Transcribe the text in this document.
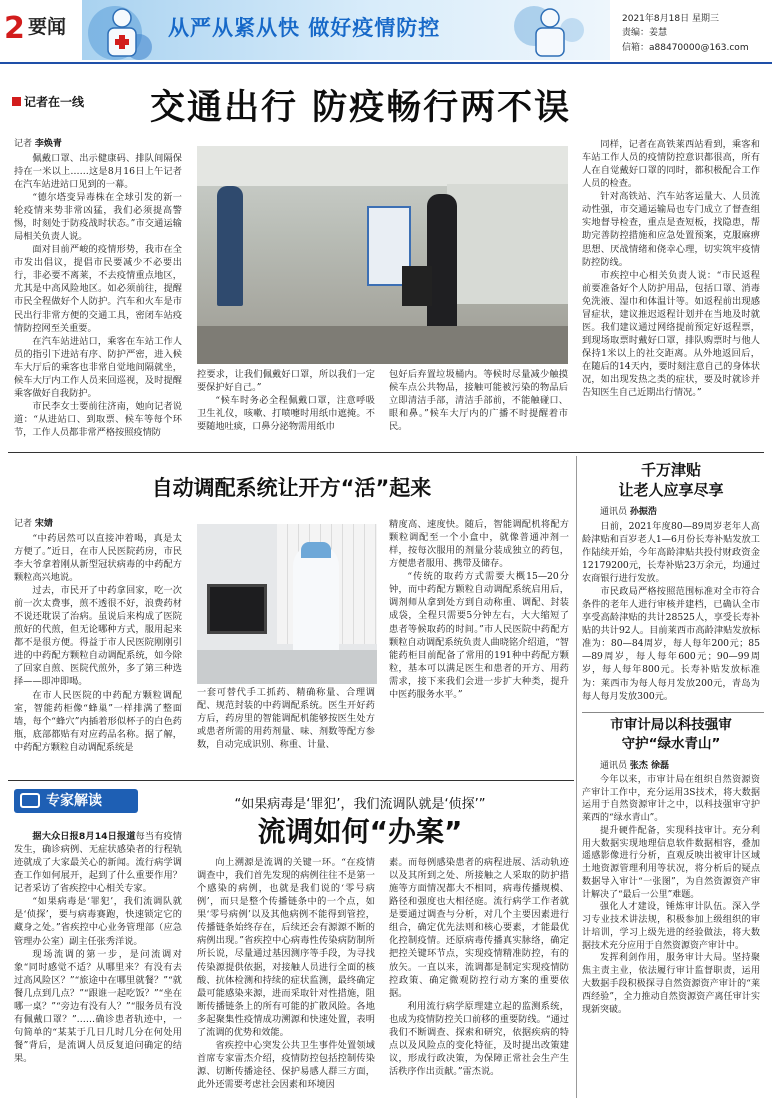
2 要闻	从严从紧从快 做好疫情防控	2021年8月18日 星期三
责编：姜慧
信箱：a88470000@163.com
记者在一线 交通出行 防疫畅行两不误
记者 李焕青

佩戴口罩、出示健康码、排队间隔保持在一米以上……这是8月16日上午记者在汽车站进站口见到的一幕。

“德尔塔变异毒株在全球引发的新一轮疫情来势非常凶猛，我们必须提高警惕，时刻处于防疫战时状态。”市交通运输局相关负责人说。

面对目前严峻的疫情形势，我市在全市发出倡议，提倡市民要减少不必要出行，非必要不离莱，不去疫情重点地区，尤其是中高风险地区。如必须前往，提醒市民全程做好个人防护。汽车和火车是市民出行非常方便的交通工具，密闭车站疫情防控网至关重要。

在汽车站进站口，乘客在车站工作人员的指引下进站有序、防护严密，进入候车大厅后的乘客也非常自觉地间隔就坐，候车大厅内工作人员来回巡视，及时提醒乘客做好自我防护。

市民李女士要前往济南，她向记者说道：“从进站口、到取票、候车等每个环节，工作人员都非常严格按照疫情防

控要求，让我们佩戴好口罩，所以我们一定要保护好自己。”

“候车时务必全程佩戴口罩，注意呼吸卫生礼仪，咳嗽、打喷嚏时用纸巾遮掩。不要随地吐痰，口鼻分泌物需用纸巾

包好后弃置垃圾桶内。等候时尽量减少触摸候车点公共物品，接触可能被污染的物品后立即清洁手部，清洁手部前，不能触碰口、眼和鼻。”候车大厅内的广播不时提醒着市民。

同样，记者在高铁莱西站看到，乘客和车站工作人员的疫情防控意识都很高，所有人在自觉戴好口罩的同时，都积极配合工作人员的检查。

针对高铁站、汽车站客运量大、人员流动性强，市交通运输局也专门成立了督查组实地督导检查，重点是查短板，找隐患，帮助完善防控措施和应急处置预案，克服麻痹思想、厌战情绪和侥幸心理，切实筑牢疫情防控防线。

市疾控中心相关负责人说：“市民返程前要准备好个人防护用品，包括口罩、消毒免洗液、湿巾和体温计等。如返程前出现感冒症状，建议推迟返程计划并在当地及时就医。我们建议通过网络提前预定好返程票，到现场取票时戴好口罩，排队购票时与他人保持1米以上的社交距离。从外地返回后，在随后的14天内，要时刻注意自己的身体状况，如出现发热之类的症状，要及时就诊并告知医生自己近期出行情况。”

自动调配系统让开方“活”起来
记者 宋婧

“中药居然可以直接冲着喝，真是太方便了。”近日，在市人民医院药房，市民李大爷拿着刚从新型冠状病毒的中药配方颗粒高兴地说。

过去，市民开了中药拿回家，吃一次前一次太费事，煎不透很不好，浪费药材不说还耽误了治病。虽说后来构成了医院煎好的代煎，但无论哪种方式，服用起来都不是很方便。得益于市人民医院刚刚引进的中药配方颗粒自动调配系统，如今除了回家自煎、医院代煎外，多了第三种选择——即冲即喝。

在市人民医院的中药配方颗粒调配室，智能药柜像“蜂巢”一样排满了整面墙，每个“蜂穴”内插着形似杯子的白色药瓶，底部都贴有对应药品名称。据了解，中药配方颗粒自动调配系统是

一套可替代手工抓药、精确称量、合理调配、规范封装的中药调配系统。医生开好药方后，药房里的智能调配机能够按医生处方或患者所需的用药剂量、味、剂数等配方参数，自动完成识别、称重、计量、

精度高、速度快。随后，智能调配机将配方颗粒调配至一个小盒中，就像普通冲剂一样，按每次服用的剂量分装成独立的药包，方便患者服用、携带及储存。

“传统的取药方式需要大概15—20分钟，而中药配方颗粒自动调配系统启用后，调剂师从拿到处方到自动称重、调配、封装成袋，全程只需要5分钟左右，大大缩短了患者等候取药的时间。”市人民医院中药配方颗粒自动调配系统负责人曲晓铭介绍道，“智能药柜目前配备了常用的191种中药配方颗粒，基本可以满足医生和患者的开方、用药需求，接下来我们会进一步扩大种类，提升中医药服务水平。”

千万津贴
让老人应享尽享
通讯员 孙振浩

日前，2021年度80—89周岁老年人高龄津贴和百岁老人1—6月份长寿补贴发放工作陆续开始，今年高龄津贴共投付财政资金12179200元，长寿补贴23万余元，均通过农商银行进行发放。

市民政局严格按照范围标准对全市符合条件的老年人进行审核并建档，已确认全市享受高龄津贴的共计28525人，享受长寿补贴的共计92人。目前莱西市高龄津贴发放标准为：80—84周岁，每人每年200元；85—89周岁，每人每年600元；90—99周岁，每人每年800元。长寿补贴发放标准为：莱西市为每人每月发放200元，青岛为每人每月发放300元。

市审计局以科技强审
守护“绿水青山”
通讯员 张杰 徐磊

今年以来，市审计局在组织自然资源资产审计工作中，充分运用3S技术，将大数据运用于自然资源审计之中，以科技强审守护莱西的“绿水青山”。

提升硬件配备，实现科技审计。充分利用大数据实现地理信息软件数据相容，叠加遥感影像进行分析，直观反映出被审计区域土地资源管理利用等状况，将分析后的疑点数据导入审计“一张图”，为自然资源资产审计解决了“最后一公里”难题。

强化人才建设，锤炼审计队伍。深入学习专业技术讲法规，积极参加上级组织的审计培训，学习上级先进的经验做法，将大数据技术充分应用于自然资源资产审计中。

发挥利剑作用，服务审计大局。坚持聚焦主责主业，依法履行审计监督职责，运用大数据手段积极探寻自然资源资产审计的“莱西经验”，全力推动自然资源资产离任审计实现新突破。

专家解读	“如果病毒是‘罪犯’，我们流调队就是‘侦探’”
流调如何“办案”

据大众日报8月14日报道每当有疫情发生，确诊病例、无症状感染者的行程轨迹就成了大家最关心的新闻。流行病学调查工作如何展开，起到了什么重要作用？记者采访了省疾控中心相关专家。

“如果病毒是‘罪犯’，我们流调队就是‘侦探’，要与病毒赛跑，快速锁定它的藏身之处。”省疾控中心业务管理部（应急管理办公室）副主任张秀洋说。

现场流调的第一步，是问流调对象“同时感觉不适？从哪里来？有没有去过高风险区？”“旅途中在哪里就餐？”“就餐几点到几点？”“跟谁一起吃饭？”“坐在哪一桌？”“旁边有没有人？”“服务员有没有佩戴口罩？”……确诊患者轨迹中，一句简单的“某某于几日几时几分在何处用餐”背后，是流调人员反复追问确定的结果。

向上溯源是流调的关键一环。“在疫情调查中，我们首先发现的病例往往不是第一个感染的病例，也就是我们说的‘零号病例’，而只是整个传播链条中的一个点，如果‘零号病例’以及其他病例不能得到管控，传播链条始终存在，后续还会有源源不断的病例出现。”省疾控中心病毒性传染病防制所所长说，尽量通过基因测序等手段，为寻找传染源提供依据，对接触人员进行全面的核酸、抗体检测和持续的症状监测，最终确定最可能感染来源，进而采取针对性措施，阻断传播链条上的所有可能的扩散风险。各地多起聚集性疫情成功溯源和快速处置，表明了流调的优势和效能。

省疾控中心突发公共卫生事件处置领域首席专家雷杰介绍，疫情防控包括控制传染源、切断传播途径、保护易感人群三方面，此外还需要考虑社会因素和环境因

素。而每例感染患者的病程进展、活动轨迹以及其所到之处、所接触之人采取的防护措施等方面情况都大不相同，病毒传播规模、路径和强度也大相径庭。流行病学工作者就是要通过调查与分析，对几个主要因素进行组合，确定优先法则和核心要素，才能最优化控制疫情。还原病毒传播真实脉络，确定把控关键环节点，实现疫情精准防控，有的放矢。一直以来，流调都是制定实现疫情防控政策、确定微观防控行动方案的重要依据。

利用流行病学原理建立起的监测系统，也成为疫情防控关口前移的重要防线。“通过我们不断调查、探索和研究，依据疾病的特点以及风险点的变化特征，及时提出改策建议，形成行政决策，为保障正常社会生产生活秩序作出贡献。”雷杰说。
